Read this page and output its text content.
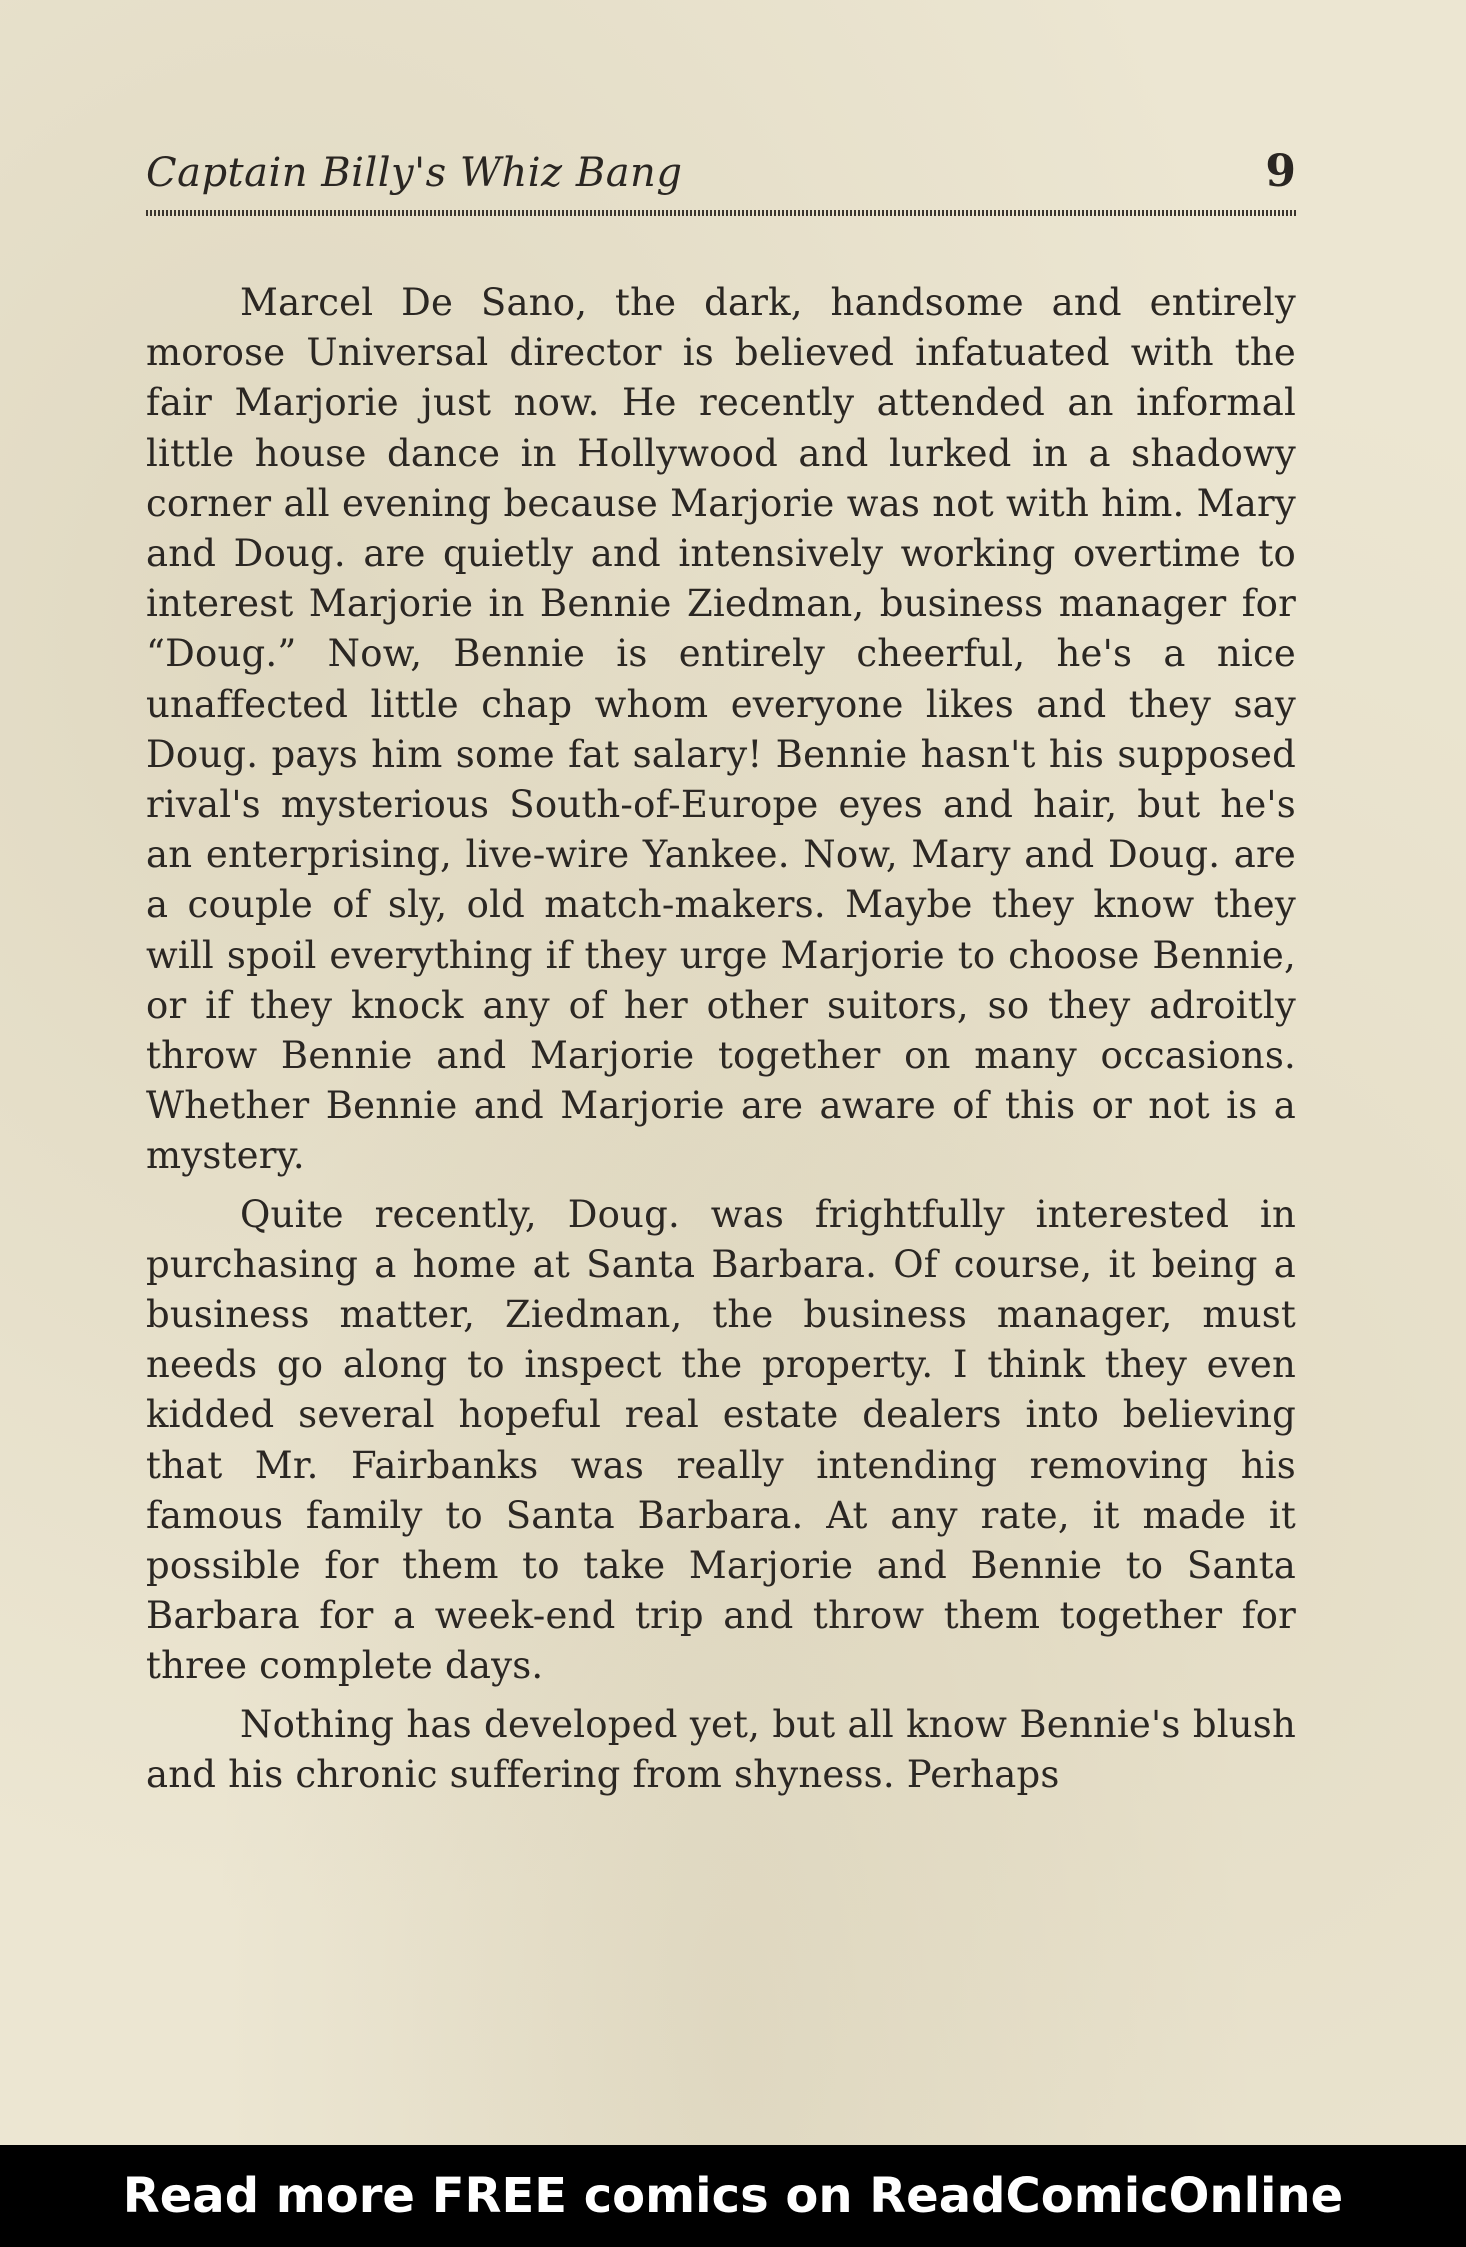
Captain Billy's Whiz Bang	9

Marcel De Sano, the dark, handsome and entirely morose Universal director is believed infatuated with the fair Marjorie just now. He recently attended an informal little house dance in Hollywood and lurked in a shadowy corner all evening because Marjorie was not with him. Mary and Doug. are quietly and intensively working overtime to interest Marjorie in Bennie Ziedman, business manager for “Doug.” Now, Bennie is entirely cheerful, he's a nice unaffected little chap whom everyone likes and they say Doug. pays him some fat salary! Bennie hasn't his supposed rival's mysterious South-of-Europe eyes and hair, but he's an enterprising, live-wire Yankee. Now, Mary and Doug. are a couple of sly, old match-makers. Maybe they know they will spoil everything if they urge Marjorie to choose Bennie, or if they knock any of her other suitors, so they adroitly throw Bennie and Marjorie together on many occasions. Whether Bennie and Marjorie are aware of this or not is a mystery.

Quite recently, Doug. was frightfully interested in purchasing a home at Santa Barbara. Of course, it being a business matter, Ziedman, the business manager, must needs go along to inspect the property. I think they even kidded several hopeful real estate dealers into believing that Mr. Fairbanks was really intending removing his famous family to Santa Barbara. At any rate, it made it possible for them to take Marjorie and Bennie to Santa Barbara for a week-end trip and throw them together for three complete days.

Nothing has developed yet, but all know Bennie's blush and his chronic suffering from shyness. Perhaps

Read more FREE comics on ReadComicOnline
